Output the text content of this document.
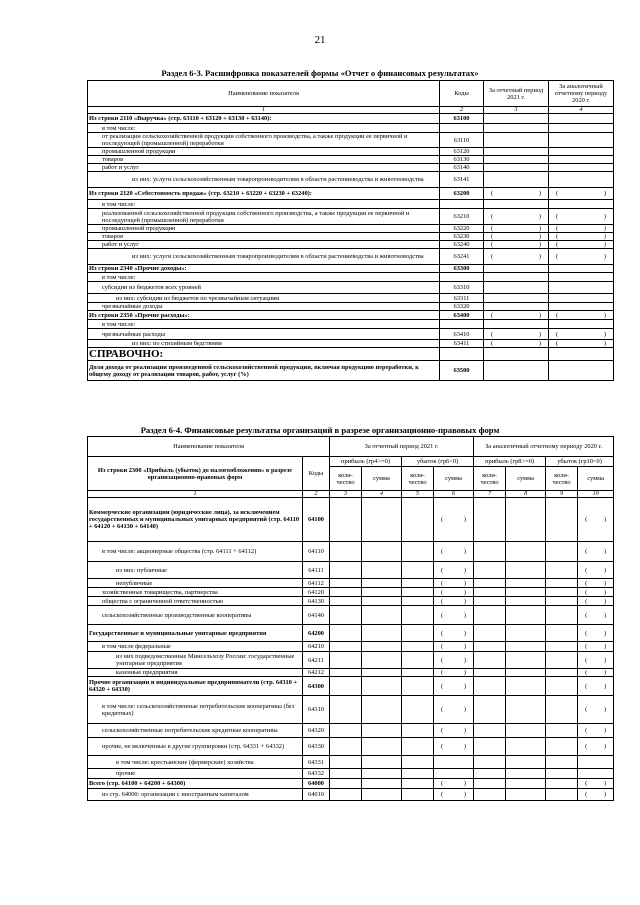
21
Раздел 6-3. Расшифровка показателей формы «Отчет о финансовых результатах»
Наименование показателя	Коды	За отчетный период 2021 г.	За аналогичный отчетному периоду 2020 г.
1	2	3	4
Из строки 2110 «Выручка» (стр. 63110 + 63120 + 63130 + 63140):	63100		
в том числе:			
от реализации сельскохозяйственной продукции собственного производства, а также продукции ее первичной и последующей (промышленной) переработки	63110		
промышленной продукции	63120		
товаров	63130		
работ и услуг	63140		
из них: услуги сельскохозяйственным товаропроизводителям в области растениеводства и животноводства	63141		
Из строки 2120 «Себестоимость продаж» (стр. 63210 + 63220 + 63230 + 63240):	63200	( )	( )

в том числе:			
реализованной сельскохозяйственной продукции собственного производства, а также продукции ее первичной и последующей (промышленной) переработки	63210	( )	( )

промышленной продукции	63220	( )	( )

товаров	63230	( )	( )

работ и услуг	63240	( )	( )

из них: услуги сельскохозяйственным товаропроизводителям в области растениеводства и животноводства	63241	( )	( )

Из строки 2340 «Прочие доходы»:	63300		
в том числе:			
субсидии из бюджетов всех уровней	63310		
из них: субсидии из бюджетов по чрезвычайным ситуациям	63311		
чрезвычайные доходы	63320		
Из строки 2350 «Прочие расходы»:	63400	( )	( )

в том числе:			
чрезвычайные расходы	63410	( )	( )

из них: по стихийным бедствиям	63411	( )	( )

СПРАВОЧНО:			
Доля дохода от реализации произведенной сельскохозяйственной продукции, включая продукцию переработки, к общему доходу от реализации товаров, работ, услуг (%)	63500		
Раздел 6-4. Финансовые результаты организаций в разрезе организационно-правовых форм
Наименование показателя		За отчетный период 2021 г.				За аналогичный отчетному периоду 2020 г.			
Из строки 2300 «Прибыль (убыток) до налогообложения» в разрезе организационно-правовых форм	Коды	прибыль (гр4>=0)		убыток (гр6<0)		прибыль (гр8>=0)		убыток (гр10<0)	
		коли-чество	сумма	коли-чество	сумма	коли-чество	сумма	коли-чество	сумма
1	2	3	4	5	6	7	8	9	10
Коммерческие организации (юридические лица), за исключением государственных и муниципальных унитарных предприятий (стр. 64110 + 64120 + 64130 + 64140)	64100				( )				( )

в том числе: акционерные общества (стр. 64111 + 64112)	64110				( )				( )

из них: публичные	64111				( )				( )

непубличные	64112				( )				( )

хозяйственные товарищества, партнерства	64120				( )				( )

общества с ограниченной ответственностью	64130				( )				( )

сельскохозяйственные производственные кооперативы	64140				( )				( )

Государственные и муниципальные унитарные предприятия	64200				( )				( )

в том числе федеральные	64210				( )				( )

из них подведомственные Минсельхозу России: государственные унитарные предприятия	64211				( )				( )

казенные предприятия	64212				( )				( )

Прочие организации и индивидуальные предприниматели (стр. 64310 + 64320 + 64330)	64300				( )				( )

в том числе: сельскохозяйственные потребительские кооперативы (без кредитных)	64310				( )				( )

сельскохозяйственные потребительские кредитные кооперативы	64320				( )				( )

прочие, не включенные в другие группировки (стр. 64331 + 64332)	64330				( )				( )

в том числе: крестьянские (фермерские) хозяйства	64331								
прочие	64332								
Всего (стр. 64100 + 64200 + 64300)	64000				( )				( )

из стр. 64000: организации с иностранным капиталом	64010				( )				( )
